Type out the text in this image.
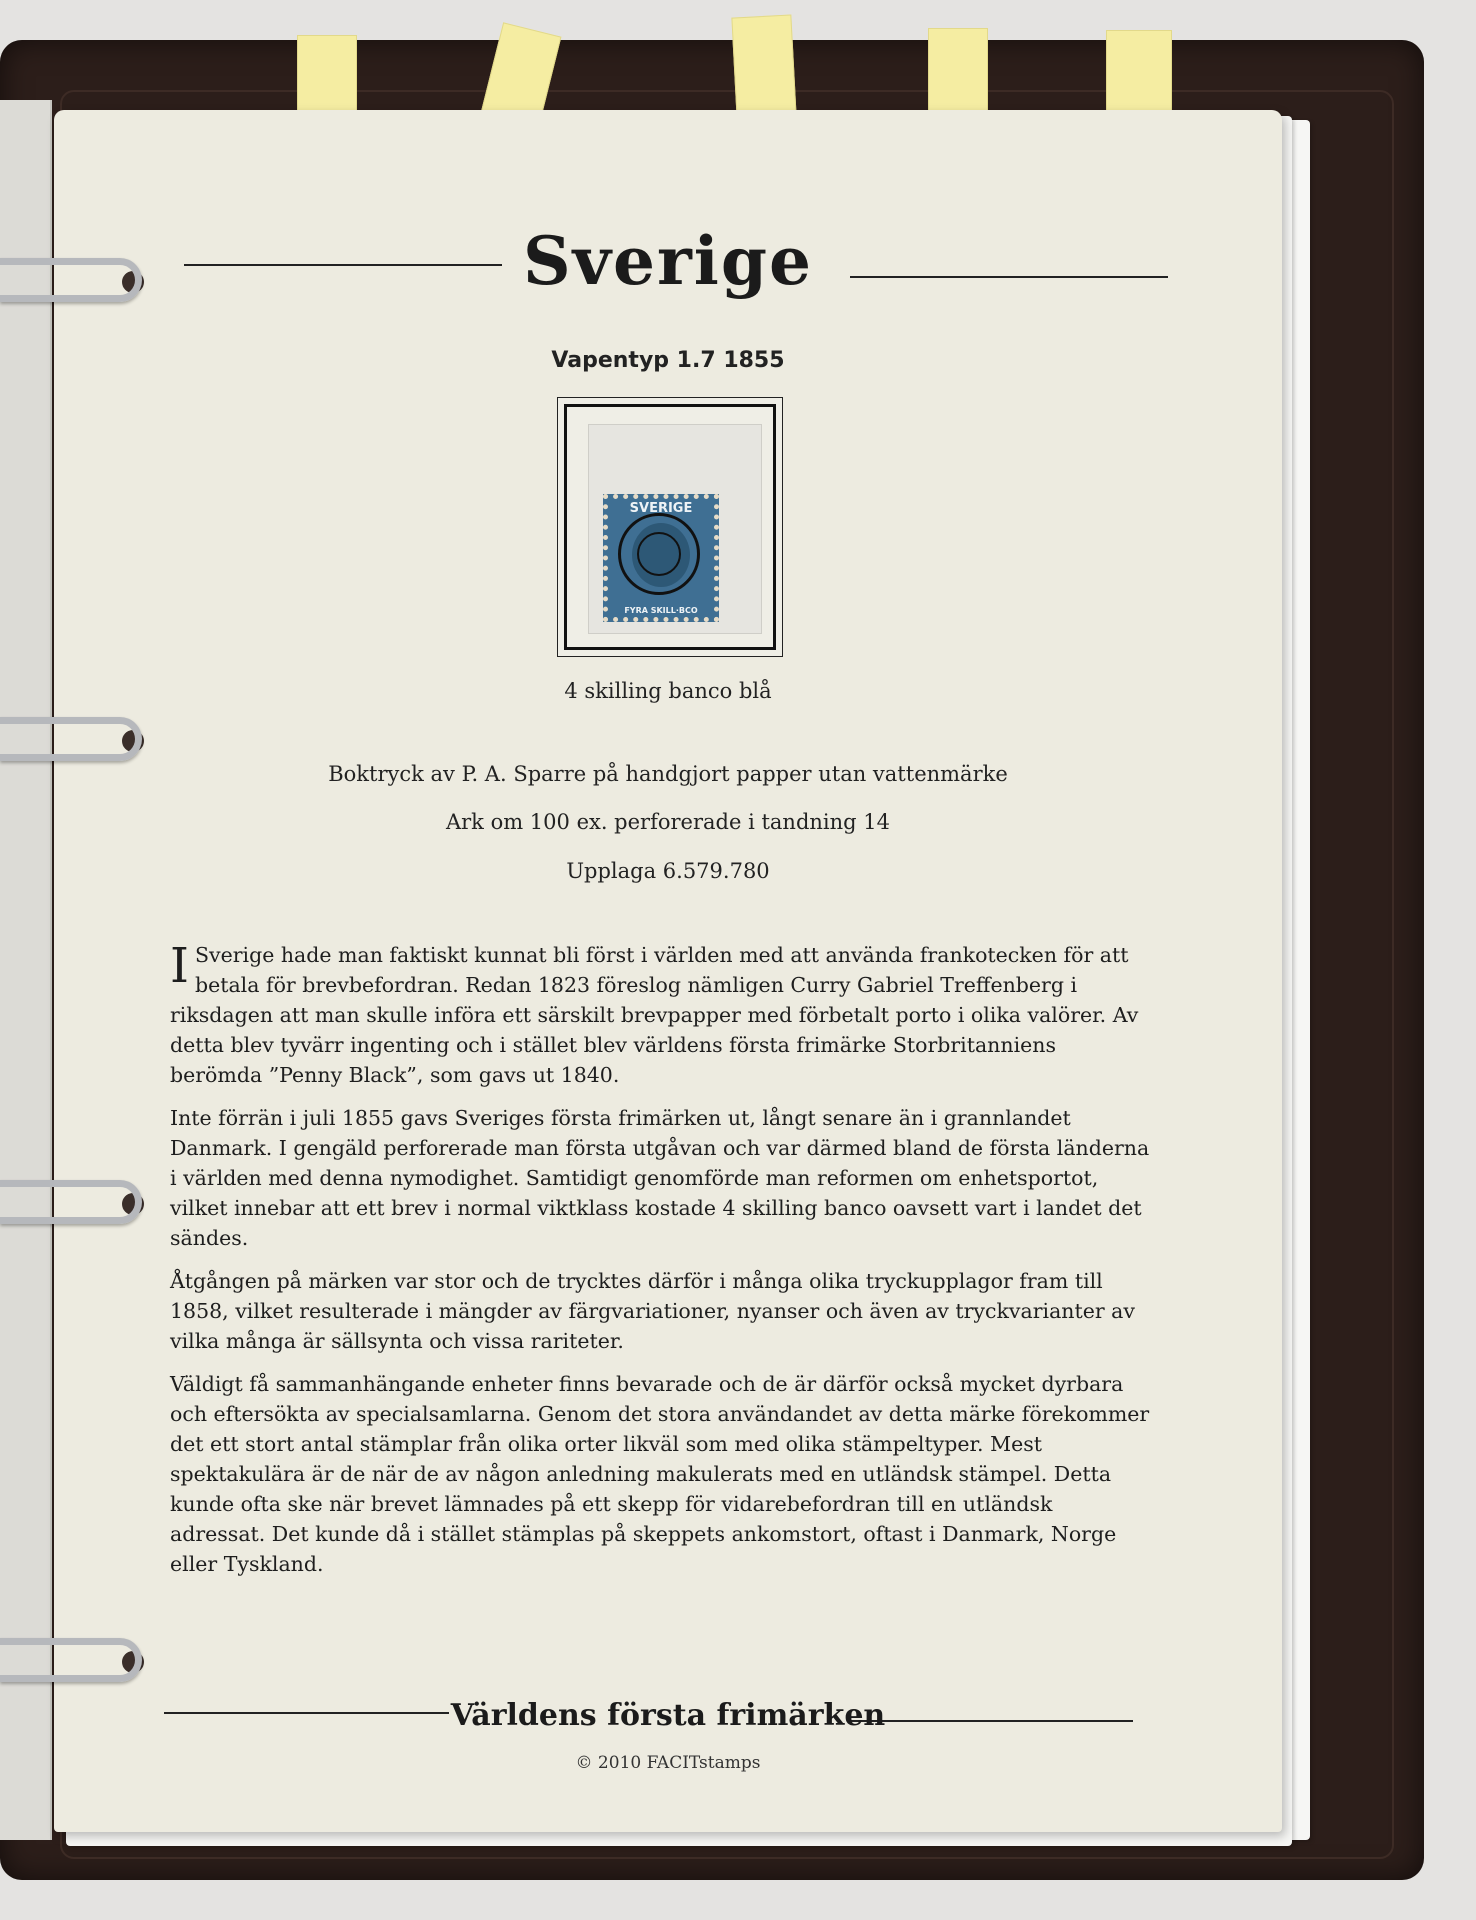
Sverige
Vapentyp 1.7 1855
SVERIGE
FYRA SKILL·BCO
4 skilling banco blå
Boktryck av P. A. Sparre på handgjort papper utan vattenmärke
Ark om 100 ex. perforerade i tandning 14
Upplaga 6.579.780

I Sverige hade man faktiskt kunnat bli först i världen med att använda frankotecken för att betala för brevbefordran. Redan 1823 föreslog nämligen Curry Gabriel Treffenberg i riksdagen att man skulle införa ett särskilt brevpapper med förbetalt porto i olika valörer. Av detta blev tyvärr ingenting och i stället blev världens första frimärke Storbritanniens berömda ”Penny Black”, som gavs ut 1840.

Inte förrän i juli 1855 gavs Sveriges första frimärken ut, långt senare än i grannlandet Danmark. I gengäld perforerade man första utgåvan och var därmed bland de första länderna i världen med denna nymodighet. Samtidigt genomförde man reformen om enhetsportot, vilket innebar att ett brev i normal viktklass kostade 4 skilling banco oavsett vart i landet det sändes.

Åtgången på märken var stor och de trycktes därför i många olika tryckupplagor fram till 1858, vilket resulterade i mängder av färgvariationer, nyanser och även av tryckvarianter av vilka många är sällsynta och vissa rariteter.

Väldigt få sammanhängande enheter finns bevarade och de är därför också mycket dyrbara och eftersökta av specialsamlarna. Genom det stora användandet av detta märke förekommer det ett stort antal stämplar från olika orter likväl som med olika stämpeltyper. Mest spektakulära är de när de av någon anledning makulerats med en utländsk stämpel. Detta kunde ofta ske när brevet lämnades på ett skepp för vidarebefordran till en utländsk adressat. Det kunde då i stället stämplas på skeppets ankomstort, oftast i Danmark, Norge eller Tyskland.

Världens första frimärken
© 2010 FACITstamps
